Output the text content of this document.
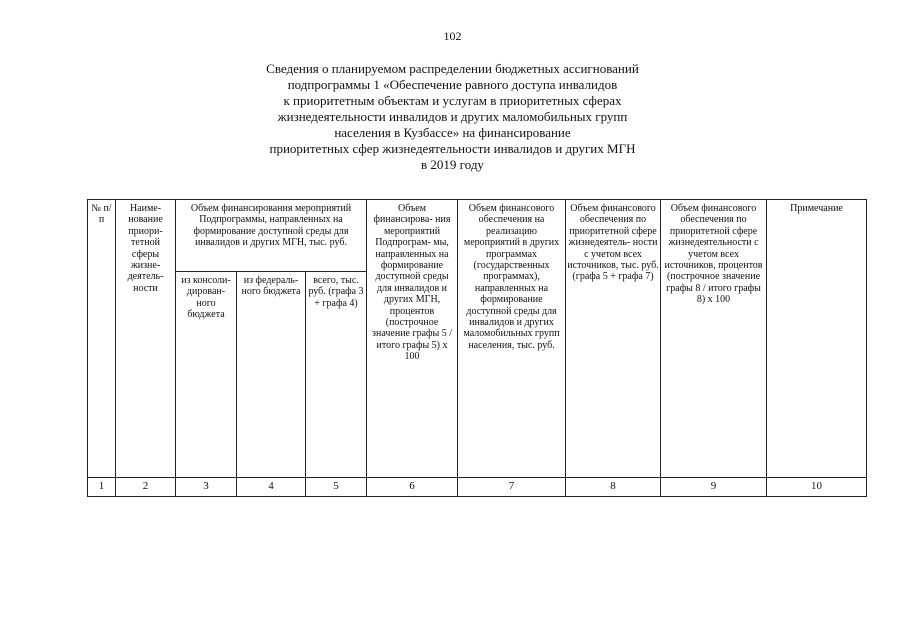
102
Сведения о планируемом распределении бюджетных ассигнований
подпрограммы 1 «Обеспечение равного доступа инвалидов
к приоритетным объектам и услугам в приоритетных сферах
жизнедеятельности инвалидов и других маломобильных групп
населения в Кузбассе» на финансирование
приоритетных сфер жизнедеятельности инвалидов и других МГН
в 2019 году
№ п/п	Наиме- нование приори- тетной сферы жизне- деятель- ности	Объем финансирования мероприятий Подпрограммы, направленных на формирование доступной среды для инвалидов и других МГН, тыс. руб.			Объем финансирова- ния мероприятий Подпрограм- мы, направленных на формирование доступной среды для инвалидов и других МГН, процентов (построчное значение графы 5 / итого графы 5) x 100	Объем финансового обеспечения на реализацию мероприятий в других программах (государственных программах), направленных на формирование доступной среды для инвалидов и других маломобильных групп населения, тыс. руб.	Объем финансового обеспечения по приоритетной сфере жизнедеятель- ности с учетом всех источников, тыс. руб. (графа 5 + графа 7)	Объем финансового обеспечения по приоритетной сфере жизнедеятельности с учетом всех источников, процентов (построчное значение графы 8 / итого графы 8) x 100	Примечание
		из консоли- дирован- ного бюджета	из федераль- ного бюджета	всего, тыс. руб. (графа 3 + графа 4)					
1	2	3	4	5	6	7	8	9	10
